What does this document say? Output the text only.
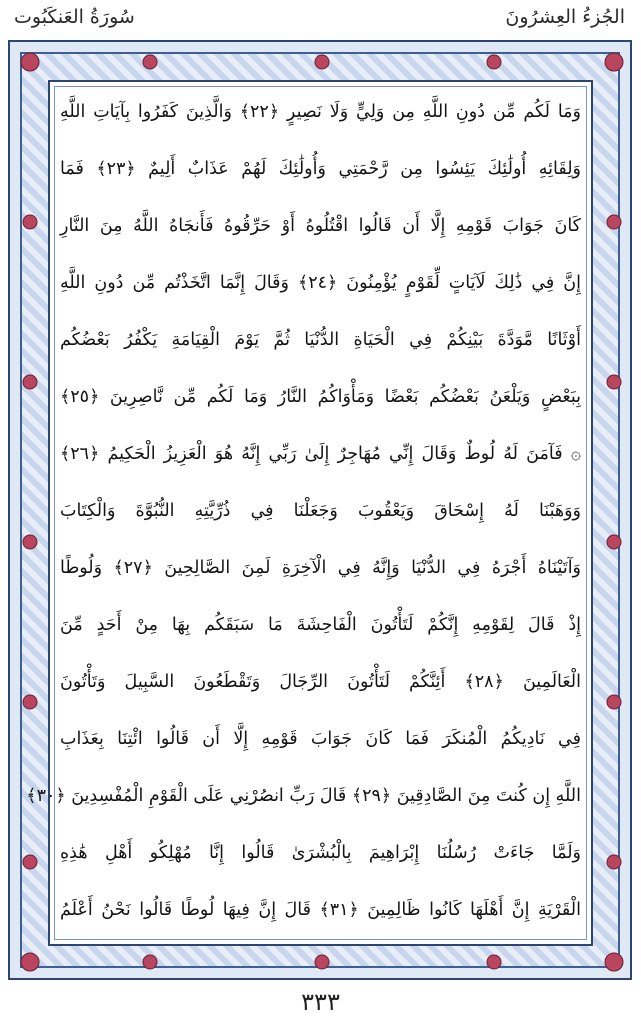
الجُزءُ العِشرُونَ
سُورَةُ العَنكَبُوت
وَمَا لَكُم مِّن دُونِ اللَّهِ مِن وَلِيٍّ وَلَا نَصِيرٍ ﴿٢٢﴾ وَالَّذِينَ كَفَرُوا بِآيَاتِ اللَّهِ
وَلِقَائِهِ أُولَٰئِكَ يَئِسُوا مِن رَّحْمَتِي وَأُولَٰئِكَ لَهُمْ عَذَابٌ أَلِيمٌ ﴿٢٣﴾ فَمَا
كَانَ جَوَابَ قَوْمِهِ إِلَّا أَن قَالُوا اقْتُلُوهُ أَوْ حَرِّقُوهُ فَأَنجَاهُ اللَّهُ مِنَ النَّارِ
إِنَّ فِي ذَٰلِكَ لَآيَاتٍ لِّقَوْمٍ يُؤْمِنُونَ ﴿٢٤﴾ وَقَالَ إِنَّمَا اتَّخَذْتُم مِّن دُونِ اللَّهِ
أَوْثَانًا مَّوَدَّةَ بَيْنِكُمْ فِي الْحَيَاةِ الدُّنْيَا ثُمَّ يَوْمَ الْقِيَامَةِ يَكْفُرُ بَعْضُكُم
بِبَعْضٍ وَيَلْعَنُ بَعْضُكُم بَعْضًا وَمَأْوَاكُمُ النَّارُ وَمَا لَكُم مِّن نَّاصِرِينَ ﴿٢٥﴾
۞ فَآمَنَ لَهُ لُوطٌ وَقَالَ إِنِّي مُهَاجِرٌ إِلَىٰ رَبِّي إِنَّهُ هُوَ الْعَزِيزُ الْحَكِيمُ ﴿٢٦﴾
وَوَهَبْنَا لَهُ إِسْحَاقَ وَيَعْقُوبَ وَجَعَلْنَا فِي ذُرِّيَّتِهِ النُّبُوَّةَ وَالْكِتَابَ
وَآتَيْنَاهُ أَجْرَهُ فِي الدُّنْيَا وَإِنَّهُ فِي الْآخِرَةِ لَمِنَ الصَّالِحِينَ ﴿٢٧﴾ وَلُوطًا
إِذْ قَالَ لِقَوْمِهِ إِنَّكُمْ لَتَأْتُونَ الْفَاحِشَةَ مَا سَبَقَكُم بِهَا مِنْ أَحَدٍ مِّنَ
الْعَالَمِينَ ﴿٢٨﴾ أَئِنَّكُمْ لَتَأْتُونَ الرِّجَالَ وَتَقْطَعُونَ السَّبِيلَ وَتَأْتُونَ
فِي نَادِيكُمُ الْمُنكَرَ فَمَا كَانَ جَوَابَ قَوْمِهِ إِلَّا أَن قَالُوا ائْتِنَا بِعَذَابِ
اللَّهِ إِن كُنتَ مِنَ الصَّادِقِينَ ﴿٢٩﴾ قَالَ رَبِّ انصُرْنِي عَلَى الْقَوْمِ الْمُفْسِدِينَ ﴿٣٠﴾
وَلَمَّا جَاءَتْ رُسُلُنَا إِبْرَاهِيمَ بِالْبُشْرَىٰ قَالُوا إِنَّا مُهْلِكُو أَهْلِ هَٰذِهِ
الْقَرْيَةِ إِنَّ أَهْلَهَا كَانُوا ظَالِمِينَ ﴿٣١﴾ قَالَ إِنَّ فِيهَا لُوطًا قَالُوا نَحْنُ أَعْلَمُ
٣٣٣
